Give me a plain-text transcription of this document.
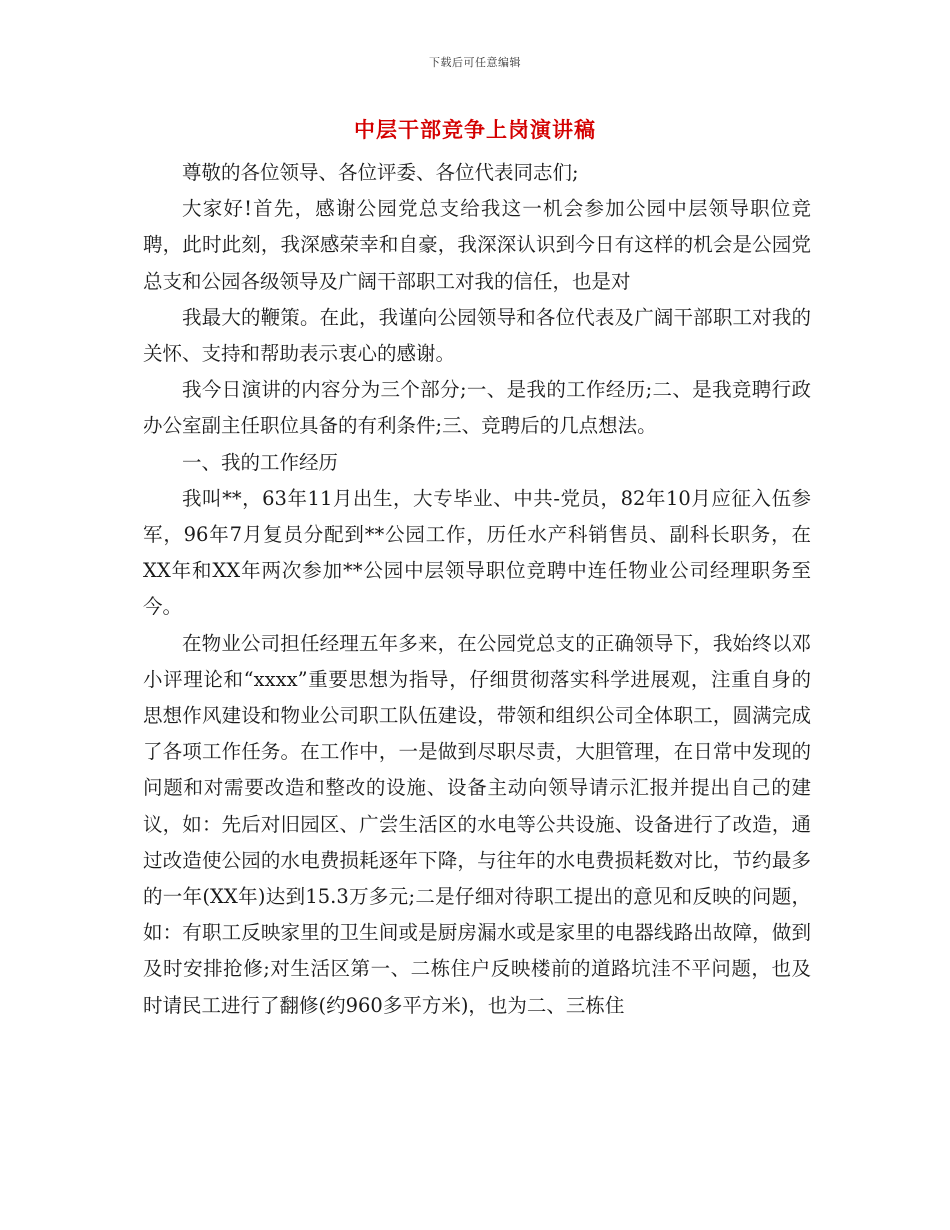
下载后可任意编辑
中层干部竞争上岗演讲稿

尊敬的各位领导、各位评委、各位代表同志们;

大家好!首先，感谢公园党总支给我这一机会参加公园中层领导职位竞聘，此时此刻，我深感荣幸和自豪，我深深认识到今日有这样的机会是公园党总支和公园各级领导及广阔干部职工对我的信任，也是对

我最大的鞭策。在此，我谨向公园领导和各位代表及广阔干部职工对我的关怀、支持和帮助表示衷心的感谢。

我今日演讲的内容分为三个部分;一、是我的工作经历;二、是我竞聘行政办公室副主任职位具备的有利条件;三、竞聘后的几点想法。

一、我的工作经历

我叫**，63年11月出生，大专毕业、中共-党员，82年10月应征入伍参军，96年7月复员分配到**公园工作，历任水产科销售员、副科长职务，在XX年和XX年两次参加**公园中层领导职位竞聘中连任物业公司经理职务至今。

在物业公司担任经理五年多来，在公园党总支的正确领导下，我始终以邓小评理论和“xxxx”重要思想为指导，仔细贯彻落实科学进展观，注重自身的思想作风建设和物业公司职工队伍建设，带领和组织公司全体职工，圆满完成了各项工作任务。在工作中，一是做到尽职尽责，大胆管理，在日常中发现的问题和对需要改造和整改的设施、设备主动向领导请示汇报并提出自己的建议，如：先后对旧园区、广尝生活区的水电等公共设施、设备进行了改造，通过改造使公园的水电费损耗逐年下降，与往年的水电费损耗数对比，节约最多的一年(XX年)达到15.3万多元;二是仔细对待职工提出的意见和反映的问题，如：有职工反映家里的卫生间或是厨房漏水或是家里的电器线路出故障，做到及时安排抢修;对生活区第一、二栋住户反映楼前的道路坑洼不平问题，也及时请民工进行了翻修(约960多平方米)，也为二、三栋住
